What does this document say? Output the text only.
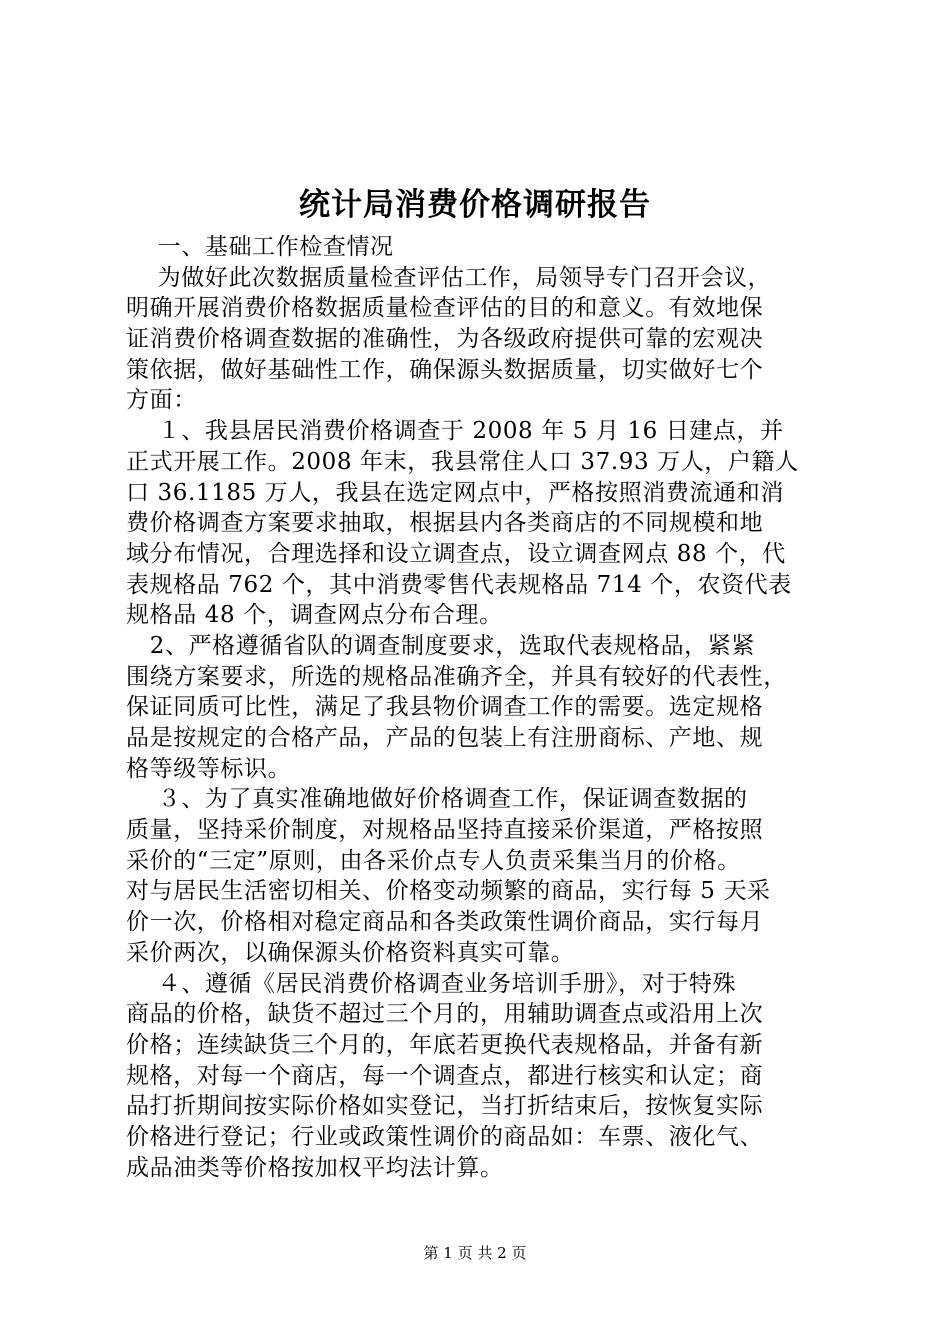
统计局消费价格调研报告
一、基础工作检查情况
为做好此次数据质量检查评估工作，局领导专门召开会议，
明确开展消费价格数据质量检查评估的目的和意义。有效地保
证消费价格调查数据的准确性，为各级政府提供可靠的宏观决
策依据，做好基础性工作，确保源头数据质量，切实做好七个
方面：
１、我县居民消费价格调查于 2008 年 5 月 16 日建点，并
正式开展工作。2008 年末，我县常住人口 37.93 万人，户籍人
口 36.1185 万人，我县在选定网点中，严格按照消费流通和消
费价格调查方案要求抽取，根据县内各类商店的不同规模和地
域分布情况，合理选择和设立调查点，设立调查网点 88 个，代
表规格品 762 个，其中消费零售代表规格品 714 个，农资代表
规格品 48 个，调查网点分布合理。
2、严格遵循省队的调查制度要求，选取代表规格品，紧紧
围绕方案要求，所选的规格品准确齐全，并具有较好的代表性，
保证同质可比性，满足了我县物价调查工作的需要。选定规格
品是按规定的合格产品，产品的包装上有注册商标、产地、规
格等级等标识。
３、为了真实准确地做好价格调查工作，保证调查数据的
质量，坚持采价制度，对规格品坚持直接采价渠道，严格按照
采价的“三定”原则，由各采价点专人负责采集当月的价格。
对与居民生活密切相关、价格变动频繁的商品，实行每 5 天采
价一次，价格相对稳定商品和各类政策性调价商品，实行每月
采价两次，以确保源头价格资料真实可靠。
４、遵循《居民消费价格调查业务培训手册》，对于特殊
商品的价格，缺货不超过三个月的，用辅助调查点或沿用上次
价格；连续缺货三个月的，年底若更换代表规格品，并备有新
规格，对每一个商店，每一个调查点，都进行核实和认定；商
品打折期间按实际价格如实登记，当打折结束后，按恢复实际
价格进行登记；行业或政策性调价的商品如：车票、液化气、
成品油类等价格按加权平均法计算。
第 1 页 共 2 页
